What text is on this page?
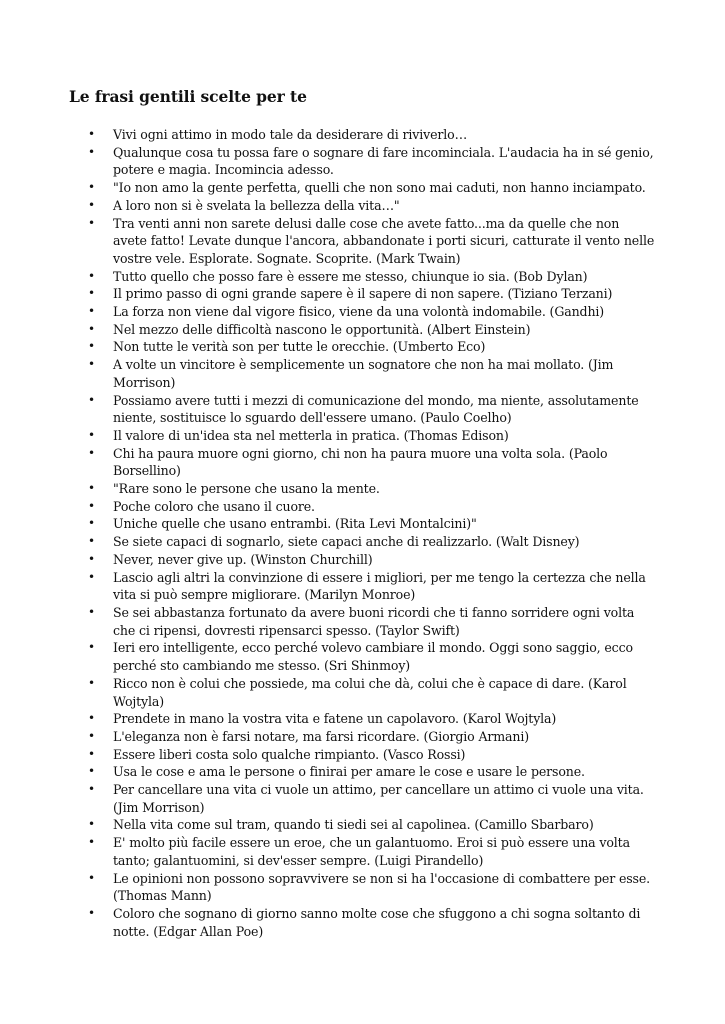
Le frasi gentili scelte per te
• Vivi ogni attimo in modo tale da desiderare di riviverlo…
• Qualunque cosa tu possa fare o sognare di fare incominciala. L'audacia ha in sé genio, potere e magia. Incomincia adesso.
• "Io non amo la gente perfetta, quelli che non sono mai caduti, non hanno inciampato.
• A loro non si è svelata la bellezza della vita…"
• Tra venti anni non sarete delusi dalle cose che avete fatto...ma da quelle che non avete fatto! Levate dunque l'ancora, abbandonate i porti sicuri, catturate il vento nelle vostre vele. Esplorate. Sognate. Scoprite. (Mark Twain)
• Tutto quello che posso fare è essere me stesso, chiunque io sia. (Bob Dylan)
• Il primo passo di ogni grande sapere è il sapere di non sapere. (Tiziano Terzani)
• La forza non viene dal vigore fisico, viene da una volontà indomabile. (Gandhi)
• Nel mezzo delle difficoltà nascono le opportunità. (Albert Einstein)
• Non tutte le verità son per tutte le orecchie. (Umberto Eco)
• A volte un vincitore è semplicemente un sognatore che non ha mai mollato. (Jim Morrison)
• Possiamo avere tutti i mezzi di comunicazione del mondo, ma niente, assolutamente niente, sostituisce lo sguardo dell'essere umano. (Paulo Coelho)
• Il valore di un'idea sta nel metterla in pratica. (Thomas Edison)
• Chi ha paura muore ogni giorno, chi non ha paura muore una volta sola. (Paolo Borsellino)
• "Rare sono le persone che usano la mente.
• Poche coloro che usano il cuore.
• Uniche quelle che usano entrambi. (Rita Levi Montalcini)"
• Se siete capaci di sognarlo, siete capaci anche di realizzarlo. (Walt Disney)
• Never, never give up. (Winston Churchill)
• Lascio agli altri la convinzione di essere i migliori, per me tengo la certezza che nella vita si può sempre migliorare. (Marilyn Monroe)
• Se sei abbastanza fortunato da avere buoni ricordi che ti fanno sorridere ogni volta che ci ripensi, dovresti ripensarci spesso. (Taylor Swift)
• Ieri ero intelligente, ecco perché volevo cambiare il mondo. Oggi sono saggio, ecco perché sto cambiando me stesso. (Sri Shinmoy)
• Ricco non è colui che possiede, ma colui che dà, colui che è capace di dare. (Karol Wojtyla)
• Prendete in mano la vostra vita e fatene un capolavoro. (Karol Wojtyla)
• L'eleganza non è farsi notare, ma farsi ricordare. (Giorgio Armani)
• Essere liberi costa solo qualche rimpianto. (Vasco Rossi)
• Usa le cose e ama le persone o finirai per amare le cose e usare le persone.
• Per cancellare una vita ci vuole un attimo, per cancellare un attimo ci vuole una vita. (Jim Morrison)
• Nella vita come sul tram, quando ti siedi sei al capolinea. (Camillo Sbarbaro)
• E' molto più facile essere un eroe, che un galantuomo. Eroi si può essere una volta tanto; galantuomini, si dev'esser sempre. (Luigi Pirandello)
• Le opinioni non possono sopravvivere se non si ha l'occasione di combattere per esse. (Thomas Mann)
• Coloro che sognano di giorno sanno molte cose che sfuggono a chi sogna soltanto di notte. (Edgar Allan Poe)
